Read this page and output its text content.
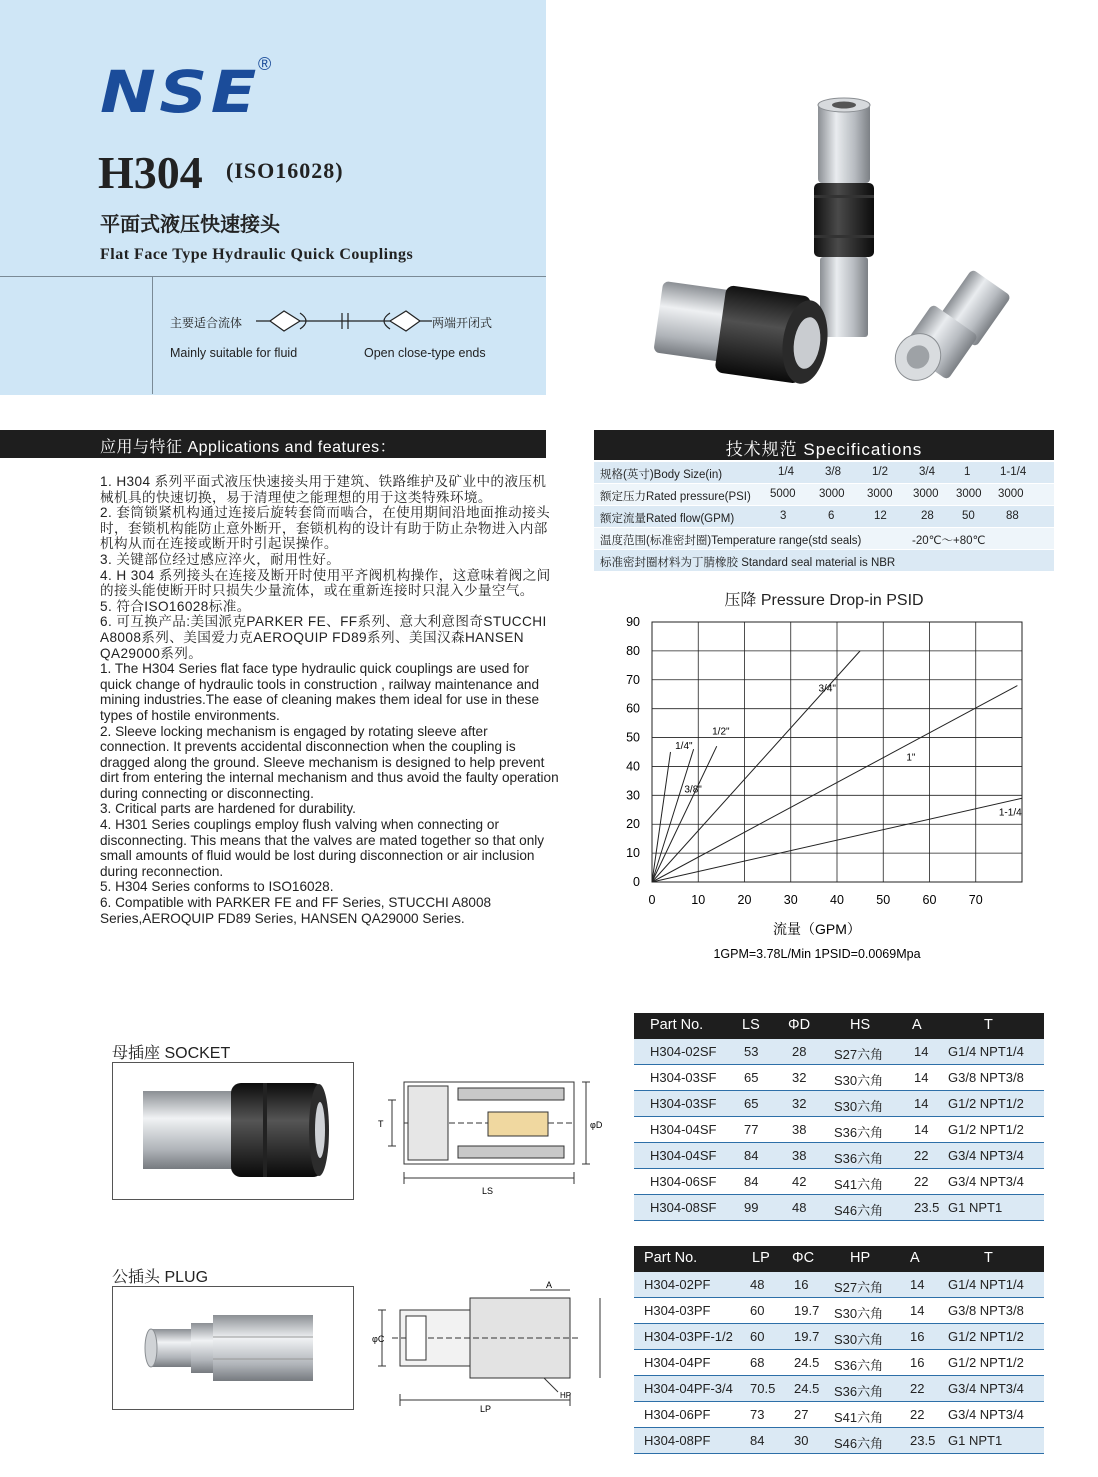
NSE
®
H304 (ISO16028)
平面式液压快速接头
Flat Face Type Hydraulic Quick Couplings
主要适合流体	两端开闭式
Mainly suitable for fluid	Open close-type ends
应用与特征 Applications and features：
1. H304 系列平面式液压快速接头用于建筑、铁路维护及矿业中的液压机械机具的快速切换，易于清理使之能理想的用于这类特殊环境。
2. 套筒锁紧机构通过连接后旋转套筒而啮合，在使用期间沿地面推动接头时，套锁机构能防止意外断开，套锁机构的设计有助于防止杂物进入内部机构从而在连接或断开时引起误操作。
3. 关键部位经过感应淬火，耐用性好。
4. H 304 系列接头在连接及断开时使用平齐阀机构操作，这意味着阀之间的接头能使断开时只损失少量流体，或在重新连接时只混入少量空气。
5. 符合ISO16028标准。
6. 可互换产品:美国派克PARKER FE、FF系列、意大利意图奇STUCCHI A8008系列、美国爱力克AEROQUIP FD89系列、美国汉森HANSEN QA29000系列。
1. The H304 Series flat face type hydraulic quick couplings are used for quick change of hydraulic tools in construction , railway maintenance and mining industries.The ease of cleaning makes them ideal for use in these types of hostile environments.
2. Sleeve locking mechanism is engaged by rotating sleeve after connection. It prevents accidental disconnection when the coupling is dragged along the ground. Sleeve mechanism is designed to help prevent dirt from entering the internal mechanism and thus avoid the faulty operation during connecting or disconnecting.
3. Critical parts are hardened for durability.
4. H301 Series couplings employ flush valving when connecting or disconnecting. This means that the valves are mated together so that only small amounts of fluid would be lost during disconnection or air inclusion during reconnection.
5. H304 Series conforms to ISO16028.
6. Compatible with PARKER FE and FF Series, STUCCHI A8008 Series,AEROQUIP FD89 Series, HANSEN QA29000 Series.
技术规范 Specifications
规格(英寸)Body Size(in)	1/4	3/8	1/2	3/4	1	1-1/4
额定压力Rated pressure(PSI) 5000 3000 3000 3000 3000 3000
额定流量Rated flow(GPM)	3	6	12	28 50	88
温度范围(标准密封圈)Temperature range(std seals)	-20℃～+80℃
标准密封圈材料为丁腈橡胶 Standard seal material is NBR
压降 Pressure Drop-in PSID
0	10	20	30	40	50	60	70
0
10
20
30
40
50
60
70
80
90
1/4"
3/8"
1/2"
3/4"
1"
1-1/4
流量（GPM）
1GPM=3.78L/Min 1PSID=0.0069Mpa
母插座 SOCKET
LS
T	φD
Part No.	LS ΦD	HS	A	T
H304-02SF 53	28 S27六角 14 G1/4 NPT1/4
H304-03SF 65	32 S30六角 14 G3/8 NPT3/8
H304-03SF 65	32 S30六角 14 G1/2 NPT1/2
H304-04SF 77	38 S36六角 14 G1/2 NPT1/2
H304-04SF 84	38 S36六角 22 G3/4 NPT3/4
H304-06SF 84	42 S41六角 22 G3/4 NPT3/4
H304-08SF 99	48 S46六角 23.5 G1 NPT1
公插头 PLUG
LP
A
φC
HP
Part No.	LP ΦC HP	A	T
H304-02PF	48 16 S27六角 14 G1/4 NPT1/4
H304-03PF	60 19.7 S30六角 14 G3/8 NPT3/8
H304-03PF-1/2 60 19.7 S30六角 16 G1/2 NPT1/2
H304-04PF	68 24.5 S36六角 16 G1/2 NPT1/2
H304-04PF-3/4 70.5 24.5 S36六角 22 G3/4 NPT3/4
H304-06PF	73 27 S41六角 22 G3/4 NPT3/4
H304-08PF	84 30 S46六角 23.5 G1 NPT1
